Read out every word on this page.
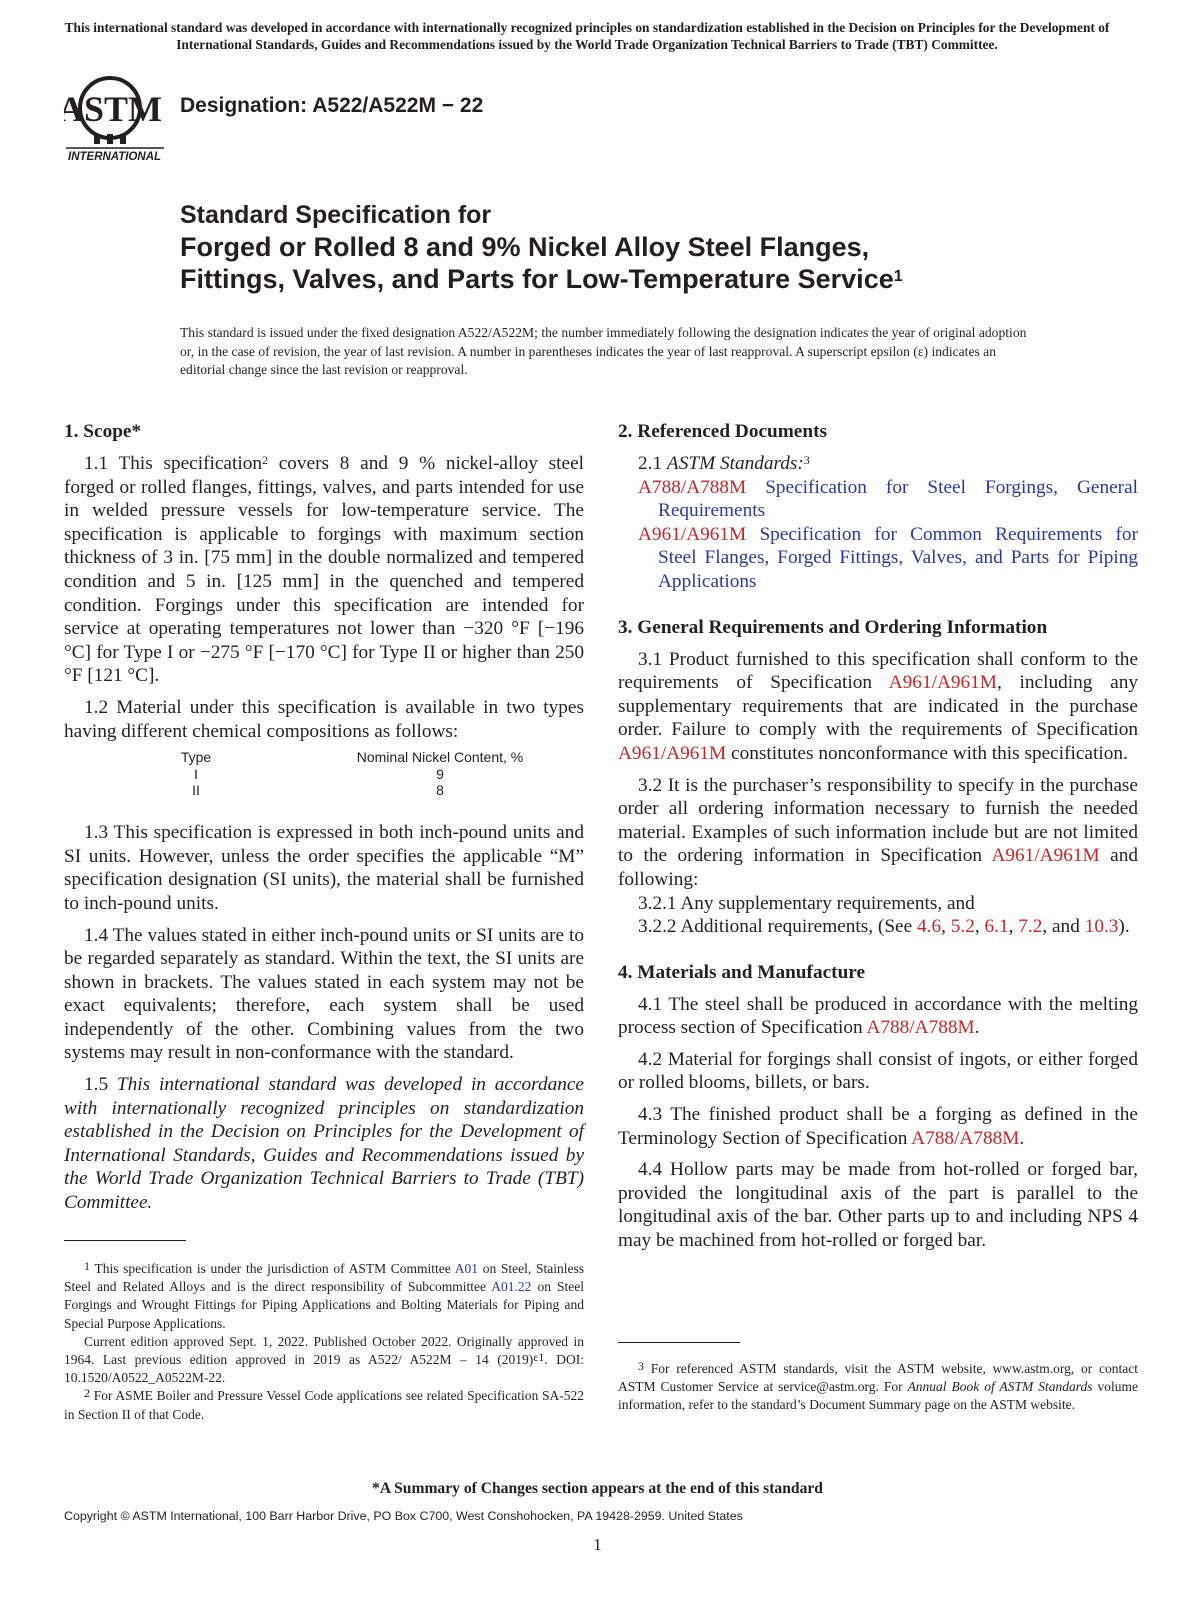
This international standard was developed in accordance with internationally recognized principles on standardization established in the Decision on Principles for the Development of International Standards, Guides and Recommendations issued by the World Trade Organization Technical Barriers to Trade (TBT) Committee.
ASTM
INTERNATIONAL
Designation: A522/A522M − 22
Standard Specification for
Forged or Rolled 8 and 9% Nickel Alloy Steel Flanges,
Fittings, Valves, and Parts for Low-Temperature Service$^1$
This standard is issued under the fixed designation A522/A522M; the number immediately following the designation indicates the year of original adoption or, in the case of revision, the year of last revision. A number in parentheses indicates the year of last reapproval. A superscript epsilon (ε) indicates an editorial change since the last revision or reapproval.

1. Scope*

1.1 This specification$^2$ covers 8 and 9 % nickel-alloy steel forged or rolled flanges, fittings, valves, and parts intended for use in welded pressure vessels for low-temperature service. The specification is applicable to forgings with maximum section thickness of 3 in. [75 mm] in the double normalized and tempered condition and 5 in. [125 mm] in the quenched and tempered condition. Forgings under this specification are intended for service at operating temperatures not lower than −320 °F [−196 °C] for Type I or −275 °F [−170 °C] for Type II or higher than 250 °F [121 °C].

1.2 Material under this specification is available in two types having different chemical compositions as follows:

1.3 This specification is expressed in both inch-pound units and SI units. However, unless the order specifies the applicable “M” specification designation (SI units), the material shall be furnished to inch-pound units.

1.4 The values stated in either inch-pound units or SI units are to be regarded separately as standard. Within the text, the SI units are shown in brackets. The values stated in each system may not be exact equivalents; therefore, each system shall be used independently of the other. Combining values from the two systems may result in non-conformance with the standard.

1.5 This international standard was developed in accordance with internationally recognized principles on standardization established in the Decision on Principles for the Development of International Standards, Guides and Recommendations issued by the World Trade Organization Technical Barriers to Trade (TBT) Committee.

Type	Nominal Nickel Content, %
I	9
II	8

$^1$ This specification is under the jurisdiction of ASTM Committee A01 on Steel, Stainless Steel and Related Alloys and is the direct responsibility of Subcommittee A01.22 on Steel Forgings and Wrought Fittings for Piping Applications and Bolting Materials for Piping and Special Purpose Applications.

Current edition approved Sept. 1, 2022. Published October 2022. Originally approved in 1964. Last previous edition approved in 2019 as A522/ A522M – 14 (2019)$^{\varepsilon 1}$. DOI: 10.1520/A0522_A0522M-22.

$^2$ For ASME Boiler and Pressure Vessel Code applications see related Specification SA-522 in Section II of that Code.

2. Referenced Documents

2.1 ASTM Standards:$^3$

A788/A788M Specification for Steel Forgings, General Requirements

A961/A961M Specification for Common Requirements for Steel Flanges, Forged Fittings, Valves, and Parts for Piping Applications

3. General Requirements and Ordering Information

3.1 Product furnished to this specification shall conform to the requirements of Specification A961/A961M, including any supplementary requirements that are indicated in the purchase order. Failure to comply with the requirements of Specification A961/A961M constitutes nonconformance with this specification.

3.2 It is the purchaser’s responsibility to specify in the purchase order all ordering information necessary to furnish the needed material. Examples of such information include but are not limited to the ordering information in Specification A961/A961M and following:

3.2.1 Any supplementary requirements, and

3.2.2 Additional requirements, (See 4.6, 5.2, 6.1, 7.2, and 10.3).

4. Materials and Manufacture

4.1 The steel shall be produced in accordance with the melting process section of Specification A788/A788M.

4.2 Material for forgings shall consist of ingots, or either forged or rolled blooms, billets, or bars.

4.3 The finished product shall be a forging as defined in the Terminology Section of Specification A788/A788M.

4.4 Hollow parts may be made from hot-rolled or forged bar, provided the longitudinal axis of the part is parallel to the longitudinal axis of the bar. Other parts up to and including NPS 4 may be machined from hot-rolled or forged bar.

$^3$ For referenced ASTM standards, visit the ASTM website, www.astm.org, or contact ASTM Customer Service at service@astm.org. For Annual Book of ASTM Standards volume information, refer to the standard’s Document Summary page on the ASTM website.

*A Summary of Changes section appears at the end of this standard
Copyright © ASTM International, 100 Barr Harbor Drive, PO Box C700, West Conshohocken, PA 19428-2959. United States
1
